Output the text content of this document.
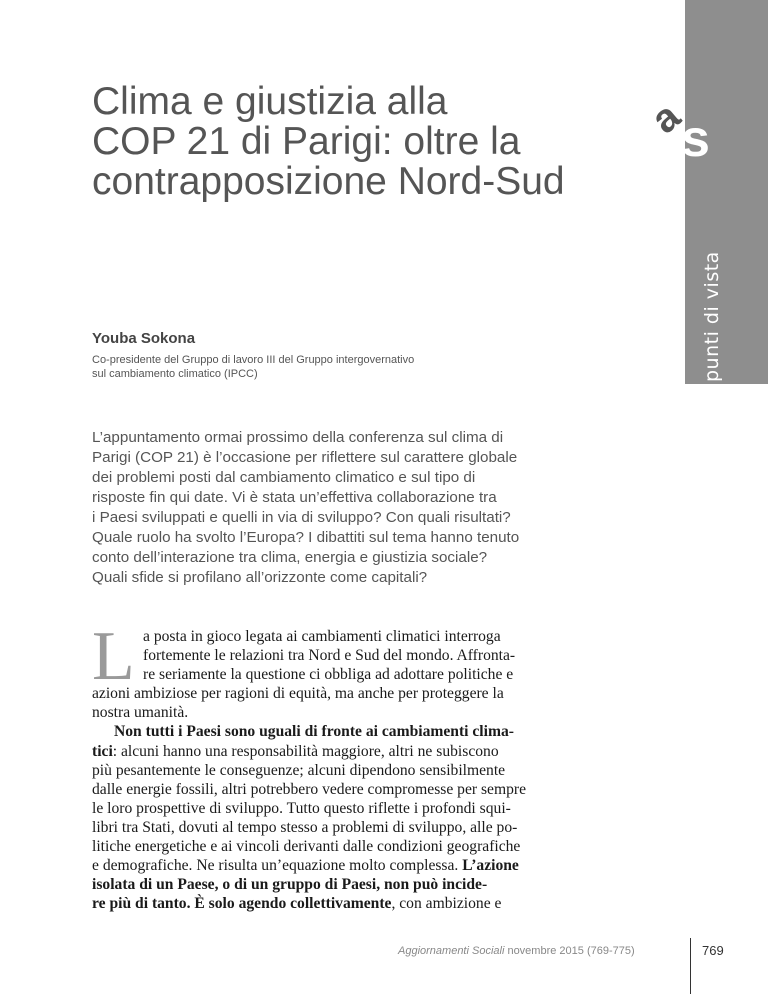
a
s
punti di vista
Clima e giustizia alla
COP 21 di Parigi: oltre la
contrapposizione Nord-Sud
Youba Sokona
Co-presidente del Gruppo di lavoro III del Gruppo intergovernativo
sul cambiamento climatico (IPCC)
L’appuntamento ormai prossimo della conferenza sul clima di
Parigi (COP 21) è l’occasione per riflettere sul carattere globale
dei problemi posti dal cambiamento climatico e sul tipo di
risposte fin qui date. Vi è stata un’effettiva collaborazione tra
i Paesi sviluppati e quelli in via di sviluppo? Con quali risultati?
Quale ruolo ha svolto l’Europa? I dibattiti sul tema hanno tenuto
conto dell’interazione tra clima, energia e giustizia sociale?
Quali sfide si profilano all’orizzonte come capitali?
L a posta in gioco legata ai cambiamenti climatici interroga
fortemente le relazioni tra Nord e Sud del mondo. Affronta-
re seriamente la questione ci obbliga ad adottare politiche e
azioni ambiziose per ragioni di equità, ma anche per proteggere la
nostra umanità.
Non tutti i Paesi sono uguali di fronte ai cambiamenti clima-
tici: alcuni hanno una responsabilità maggiore, altri ne subiscono
più pesantemente le conseguenze; alcuni dipendono sensibilmente
dalle energie fossili, altri potrebbero vedere compromesse per sempre
le loro prospettive di sviluppo. Tutto questo riflette i profondi squi-
libri tra Stati, dovuti al tempo stesso a problemi di sviluppo, alle po-
litiche energetiche e ai vincoli derivanti dalle condizioni geografiche
e demografiche. Ne risulta un’equazione molto complessa. L’azione
isolata di un Paese, o di un gruppo di Paesi, non può incide-
re più di tanto. È solo agendo collettivamente, con ambizione e
Aggiornamenti Sociali novembre 2015 (769-775)	769
